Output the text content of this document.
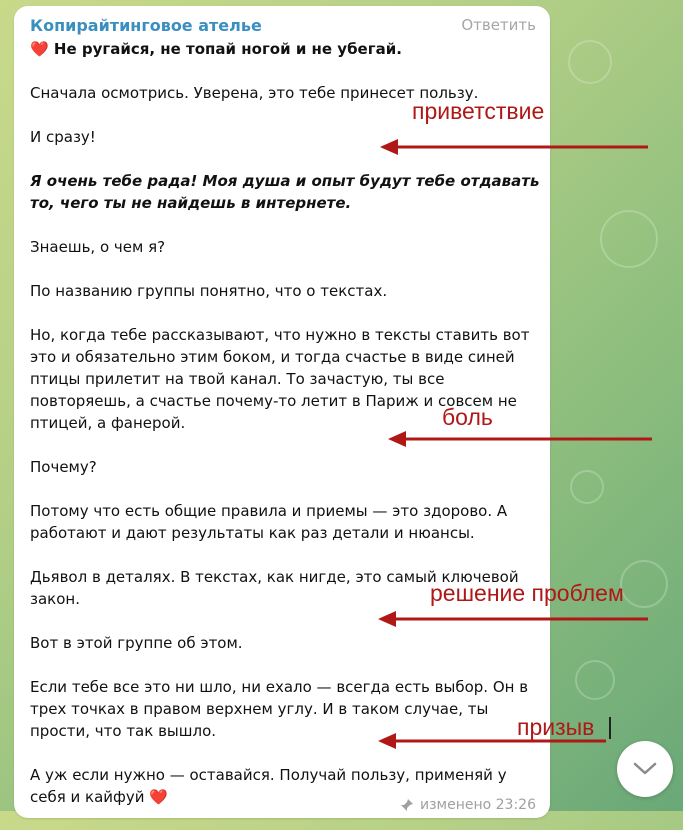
Копирайтинговое ателье	Ответить

❤️ Не ругайся, не топай ногой и не убегай.

Сначала осмотрись. Уверена, это тебе принесет пользу.

И сразу!

Я очень тебе рада! Моя душа и опыт будут тебе отдавать то, чего ты не найдешь в интернете.

Знаешь, о чем я?

По названию группы понятно, что о текстах.

Но, когда тебе рассказывают, что нужно в тексты ставить вот это и обязательно этим боком, и тогда счастье в виде синей птицы прилетит на твой канал. То зачастую, ты все повторяешь, а счастье почему-то летит в Париж и совсем не птицей, а фанерой.

Почему?

Потому что есть общие правила и приемы — это здорово. А работают и дают результаты как раз детали и нюансы.

Дьявол в деталях. В текстах, как нигде, это самый ключевой закон.

Вот в этой группе об этом.

Если тебе все это ни шло, ни ехало — всегда есть выбор. Он в трех точках в правом верхнем углу. И в таком случае, ты прости, что так вышло.

А уж если нужно — оставайся. Получай пользу, применяй у себя и кайфуй ❤️	изменено 23:26
приветствие
боль
решение проблем
призыв
